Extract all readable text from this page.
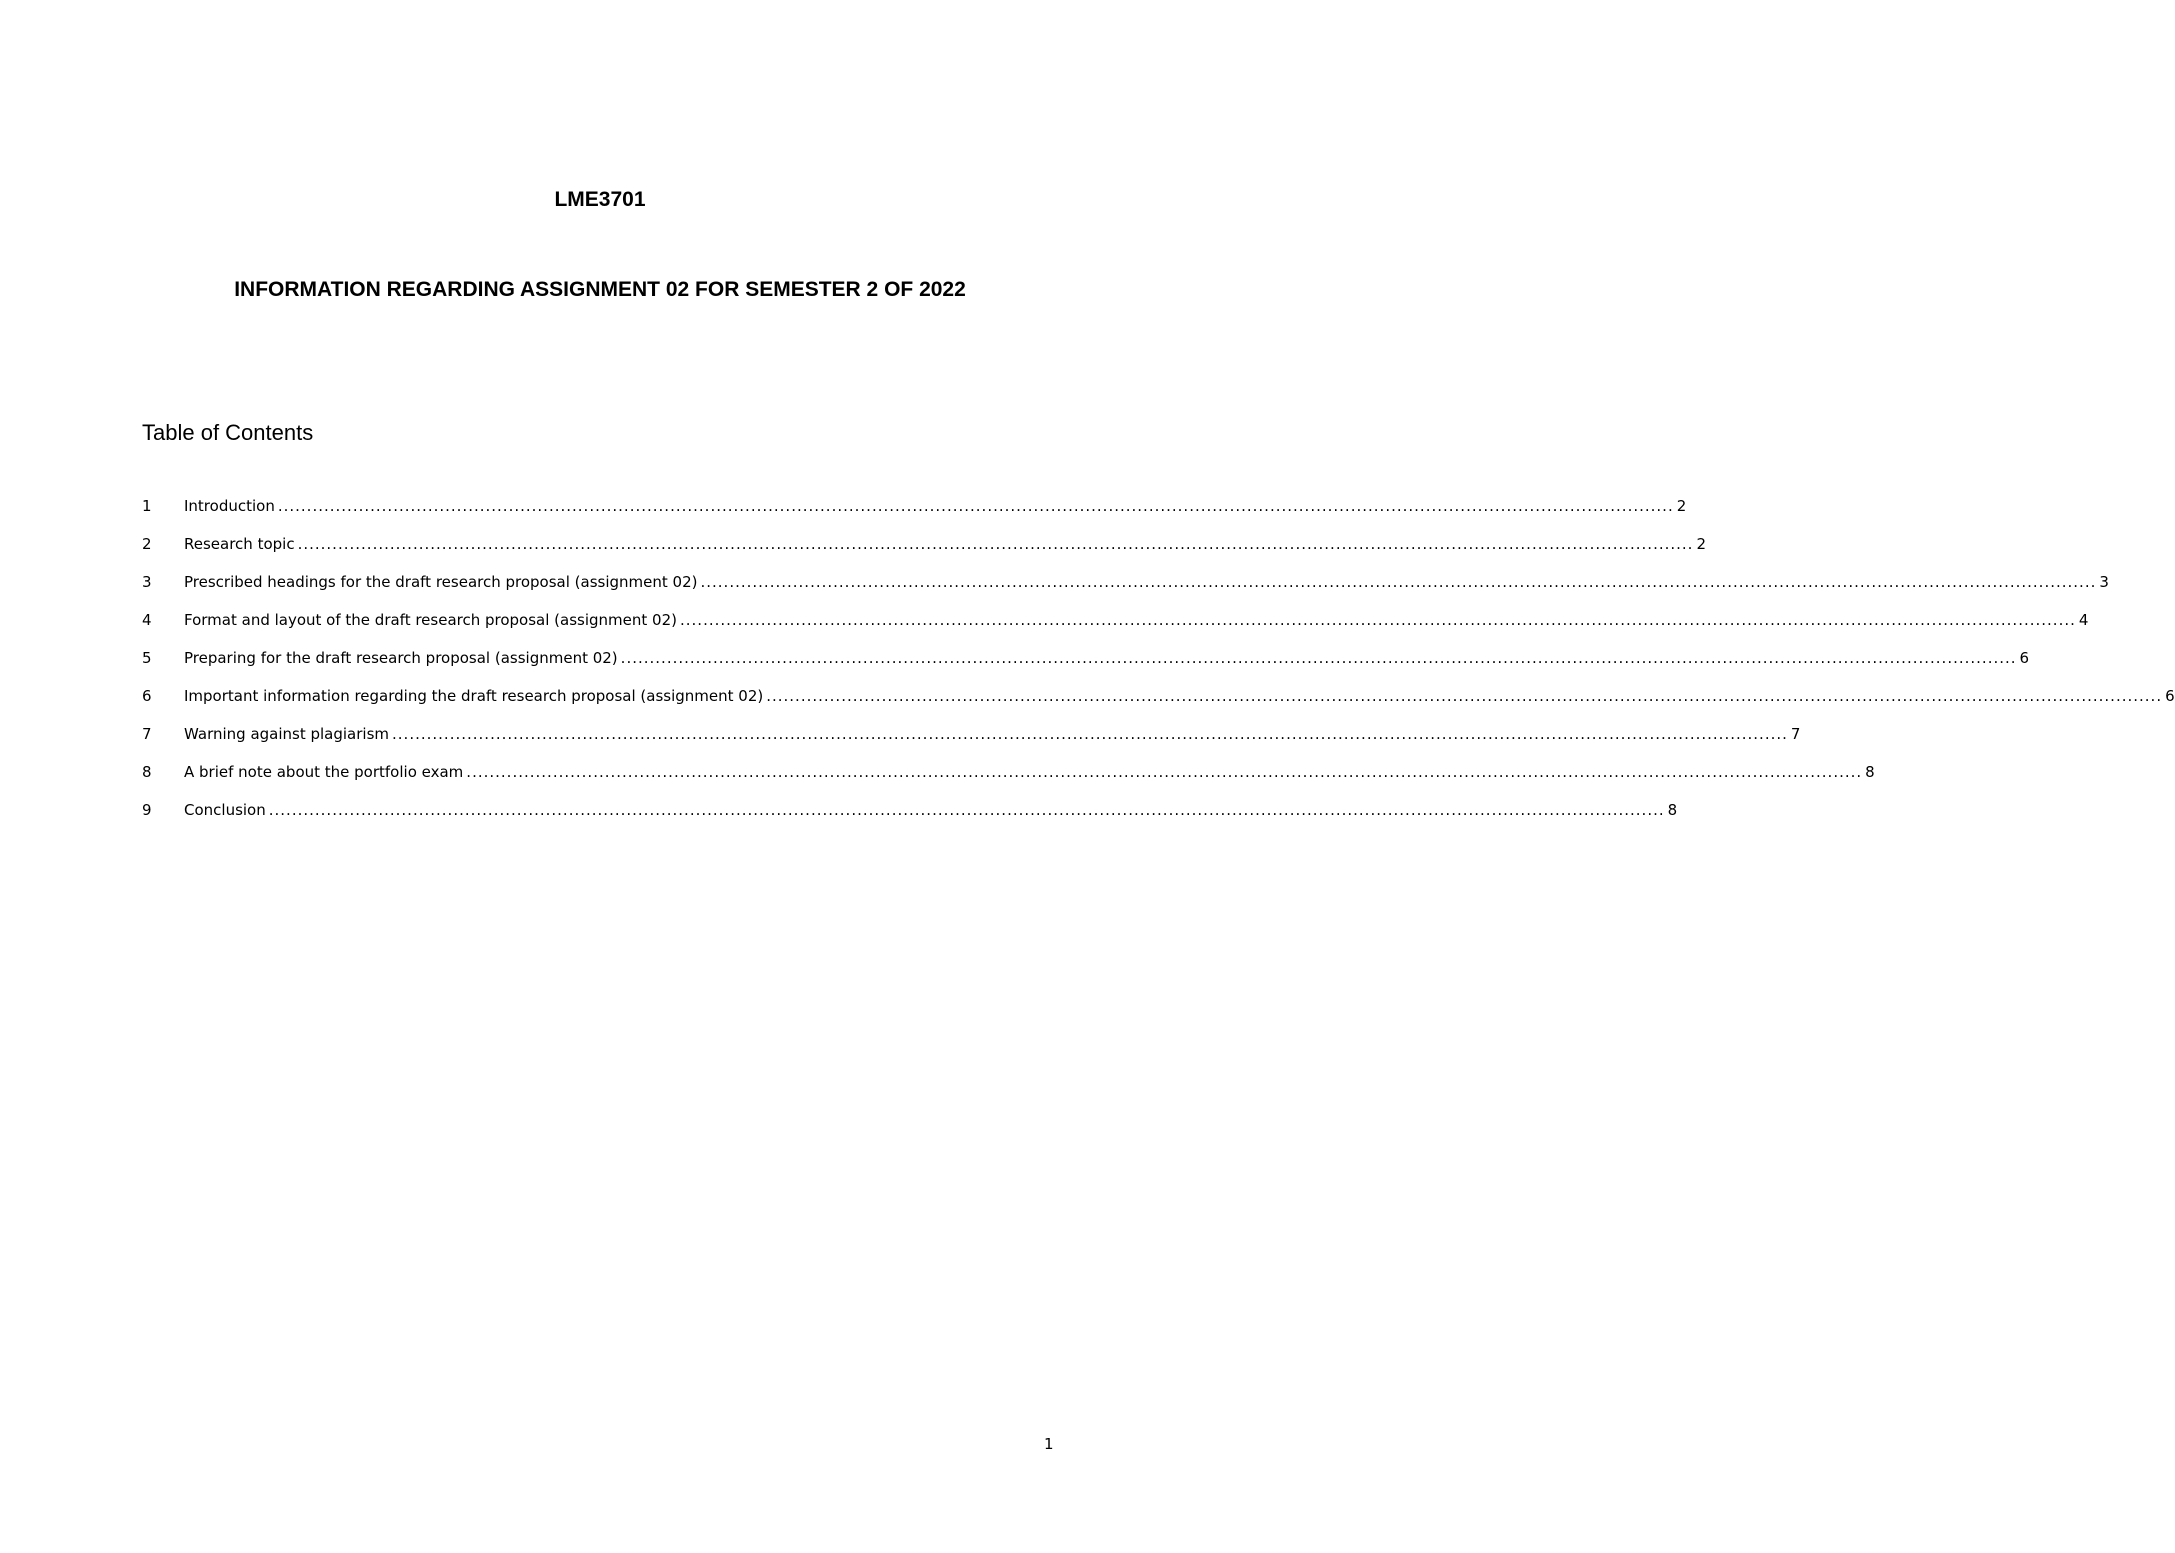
LME3701
INFORMATION REGARDING ASSIGNMENT 02 FOR SEMESTER 2 OF 2022
Table of Contents
1	Introduction .....	2
2	Research topic .....	2
3	Prescribed headings for the draft research proposal (assignment 02) .....	3
4	Format and layout of the draft research proposal (assignment 02) .....	4
5	Preparing for the draft research proposal (assignment 02) .....	6
6	Important information regarding the draft research proposal (assignment 02) .....	6
7	Warning against plagiarism .....	7
8	A brief note about the portfolio exam .....	8
9	Conclusion .....	8
1
